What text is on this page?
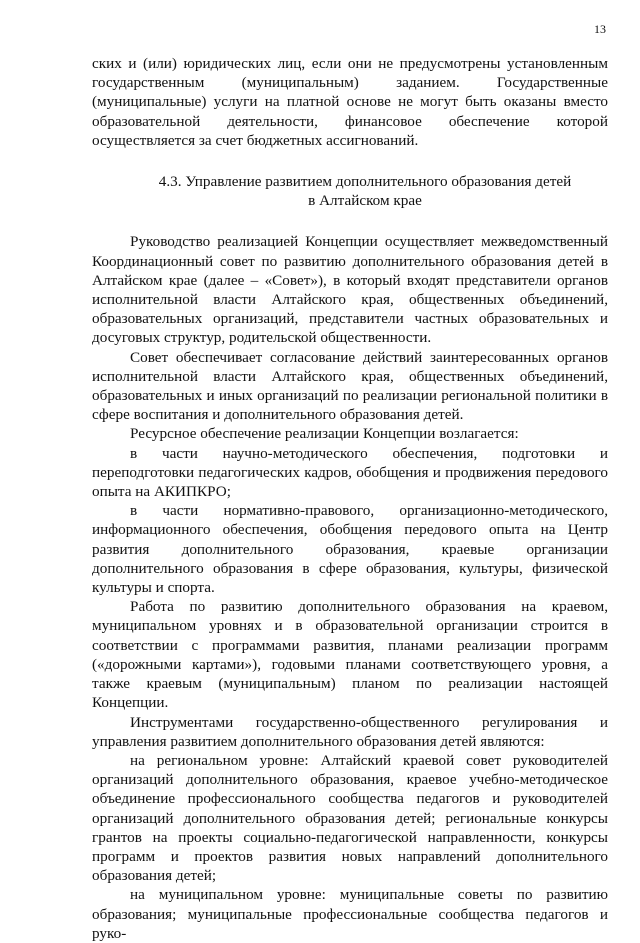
13

ских и (или) юридических лиц, если они не предусмотрены установленным государственным (муниципальным) заданием. Государственные (муниципальные) услуги на платной основе не могут быть оказаны вместо образовательной деятельности, финансовое обеспечение которой осуществляется за счет бюджетных ассигнований.

4.3. Управление развитием дополнительного образования детей
в Алтайском крае

Руководство реализацией Концепции осуществляет межведомственный Координационный совет по развитию дополнительного образования детей в Алтайском крае (далее – «Совет»), в который входят представители органов исполнительной власти Алтайского края, общественных объединений, образовательных организаций, представители частных образовательных и досуговых структур, родительской общественности.

Совет обеспечивает согласование действий заинтересованных органов исполнительной власти Алтайского края, общественных объединений, образовательных и иных организаций по реализации региональной политики в сфере воспитания и дополнительного образования детей.

Ресурсное обеспечение реализации Концепции возлагается:

в части научно-методического обеспечения, подготовки и переподготовки педагогических кадров, обобщения и продвижения передового опыта на АКИПКРО;

в части нормативно-правового, организационно-методического, информационного обеспечения, обобщения передового опыта на Центр развития дополнительного образования, краевые организации дополнительного образования в сфере образования, культуры, физической культуры и спорта.

Работа по развитию дополнительного образования на краевом, муниципальном уровнях и в образовательной организации строится в соответствии с программами развития, планами реализации программ («дорожными картами»), годовыми планами соответствующего уровня, а также краевым (муниципальным) планом по реализации настоящей Концепции.

Инструментами государственно-общественного регулирования и управления развитием дополнительного образования детей являются:

на региональном уровне: Алтайский краевой совет руководителей организаций дополнительного образования, краевое учебно-методическое объединение профессионального сообщества педагогов и руководителей организаций дополнительного образования детей; региональные конкурсы грантов на проекты социально-педагогической направленности, конкурсы программ и проектов развития новых направлений дополнительного образования детей;

на муниципальном уровне: муниципальные советы по развитию образования; муниципальные профессиональные сообщества педагогов и руко-
